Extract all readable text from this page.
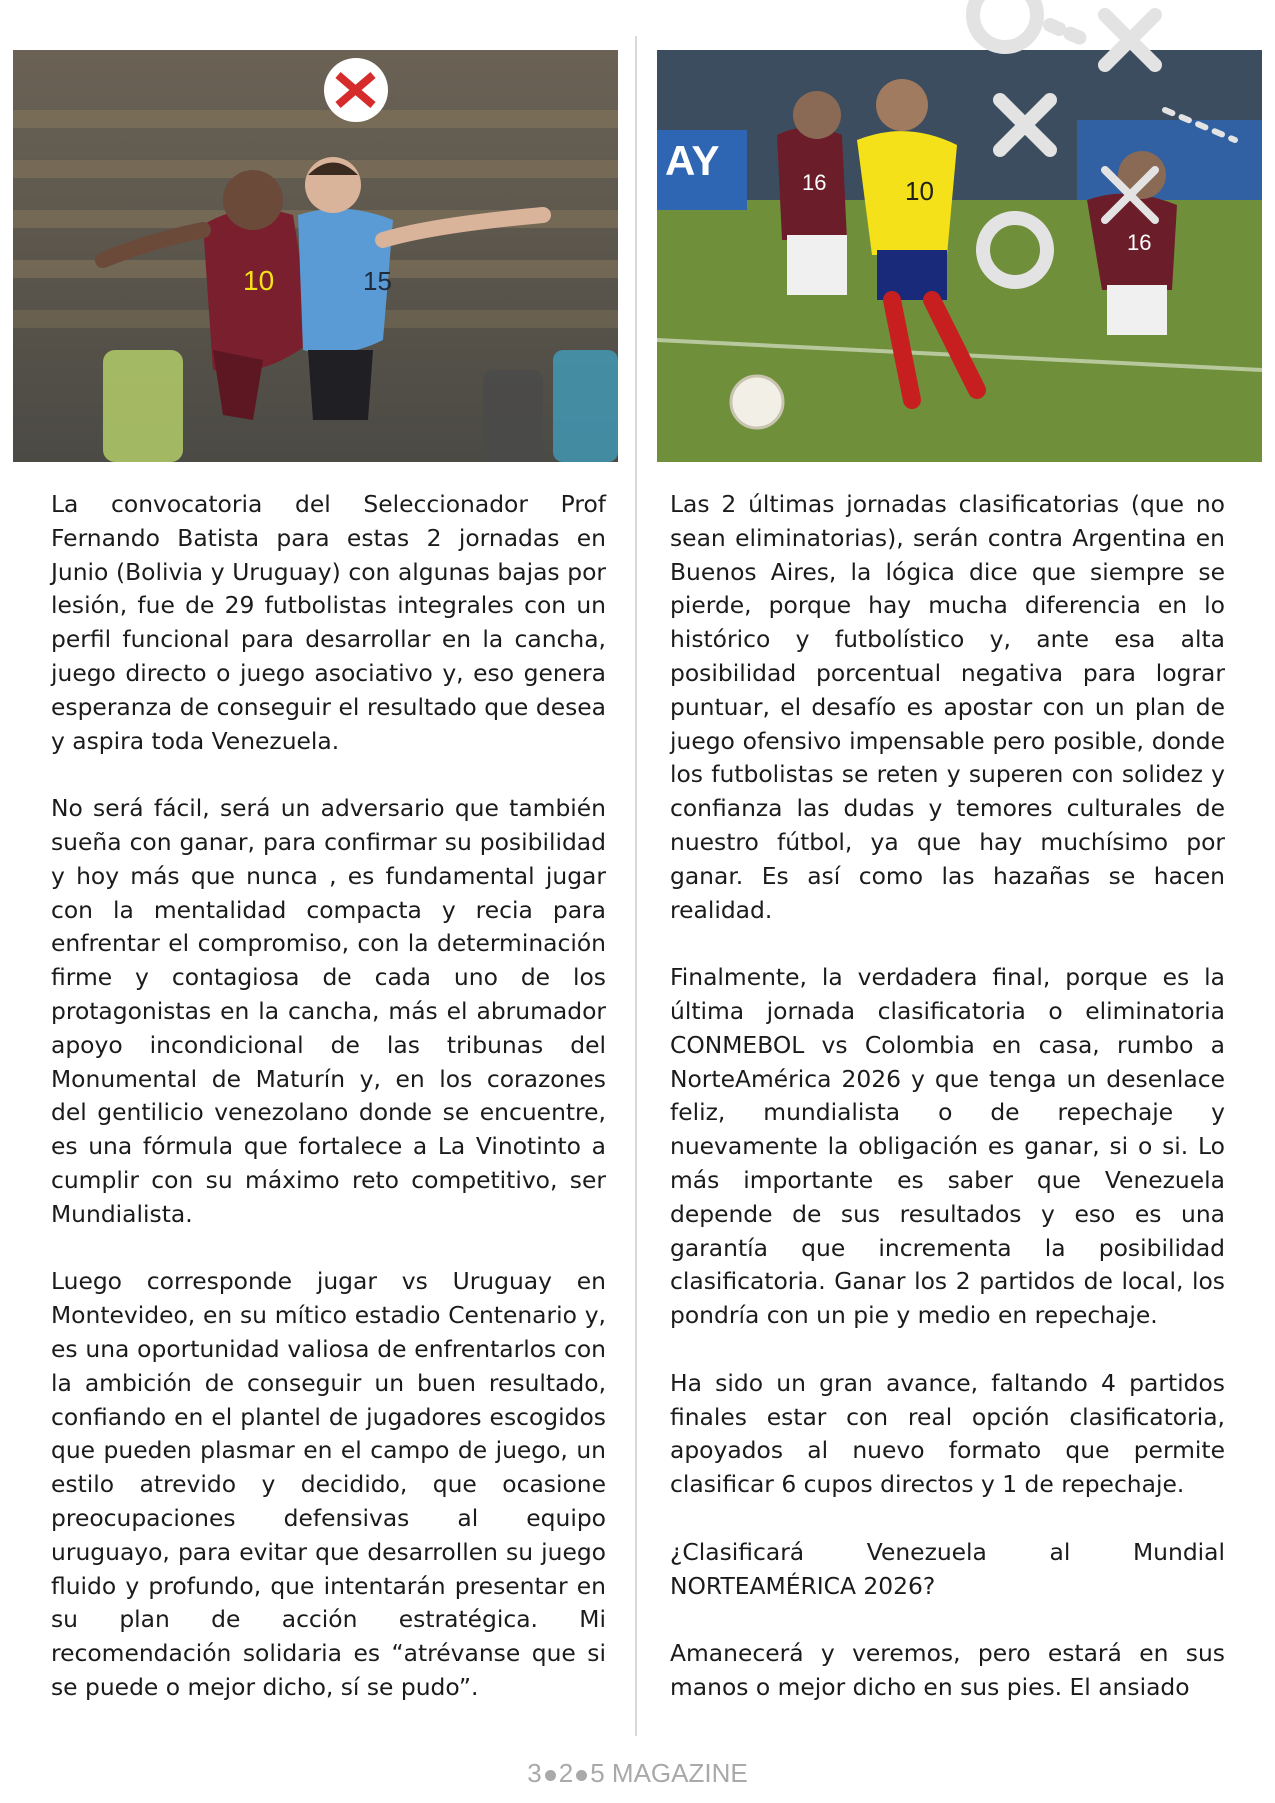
10	15
AY	16	10
16

La convocatoria del Seleccionador Prof Fernando Batista para estas 2 jornadas en Junio (Bolivia y Uruguay) con algunas bajas por lesión, fue de 29 futbolistas integrales con un perfil funcional para desarrollar en la cancha, juego directo o juego asociativo y, eso genera esperanza de conseguir el resultado que desea y aspira toda Venezuela.

No será fácil, será un adversario que también sueña con ganar, para confirmar su posibilidad y hoy más que nunca , es fundamental jugar con la mentalidad compacta y recia para enfrentar el compromiso, con la determinación firme y contagiosa de cada uno de los protagonistas en la cancha, más el abrumador apoyo incondicional de las tribunas del Monumental de Maturín y, en los corazones del gentilicio venezolano donde se encuentre, es una fórmula que fortalece a La Vinotinto a cumplir con su máximo reto competitivo, ser Mundialista.

Luego corresponde jugar vs Uruguay en Montevideo, en su mítico estadio Centenario y, es una oportunidad valiosa de enfrentarlos con la ambición de conseguir un buen resultado, confiando en el plantel de jugadores escogidos que pueden plasmar en el campo de juego, un estilo atrevido y decidido, que ocasione preocupaciones defensivas al equipo uruguayo, para evitar que desarrollen su juego fluido y profundo, que intentarán presentar en su plan de acción estratégica. Mi recomendación solidaria es “atrévanse que si se puede o mejor dicho, sí se pudo”.

Las 2 últimas jornadas clasificatorias (que no sean eliminatorias), serán contra Argentina en Buenos Aires, la lógica dice que siempre se pierde, porque hay mucha diferencia en lo histórico y futbolístico y, ante esa alta posibilidad porcentual negativa para lograr puntuar, el desafío es apostar con un plan de juego ofensivo impensable pero posible, donde los futbolistas se reten y superen con solidez y confianza las dudas y temores culturales de nuestro fútbol, ya que hay muchísimo por ganar. Es así como las hazañas se hacen realidad.

Finalmente, la verdadera final, porque es la última jornada clasificatoria o eliminatoria CONMEBOL vs Colombia en casa, rumbo a NorteAmérica 2026 y que tenga un desenlace feliz, mundialista o de repechaje y nuevamente la obligación es ganar, si o si. Lo más importante es saber que Venezuela depende de sus resultados y eso es una garantía que incrementa la posibilidad clasificatoria. Ganar los 2 partidos de local, los pondría con un pie y medio en repechaje.

Ha sido un gran avance, faltando 4 partidos finales estar con real opción clasificatoria, apoyados al nuevo formato que permite clasificar 6 cupos directos y 1 de repechaje.

¿Clasificará Venezuela al Mundial NORTEAMÉRICA 2026?

Amanecerá y veremos, pero estará en sus manos o mejor dicho en sus pies. El ansiado

3 2 5 MAGAZINE
